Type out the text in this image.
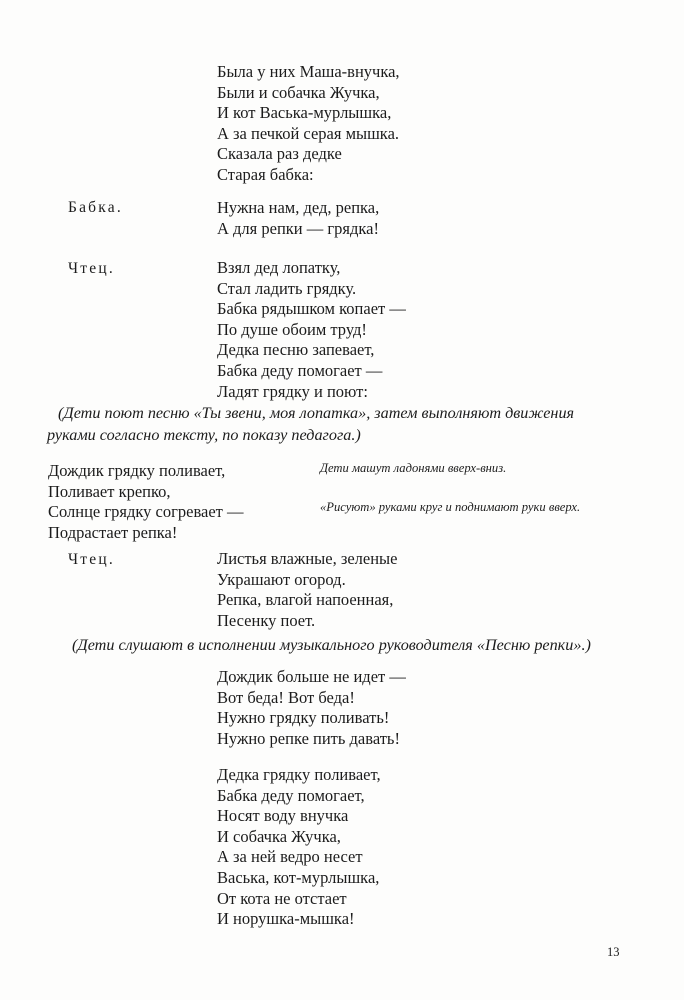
Была у них Маша-внучка,
Были и собачка Жучка,
И кот Васька-мурлышка,
А за печкой серая мышка.
Сказала раз дедке
Старая бабка:
Бабка.	Нужна нам, дед, репка,
А для репки — грядка!
Чтец.	Взял дед лопатку,
Стал ладить грядку.
Бабка рядышком копает —
По душе обоим труд!
Дедка песню запевает,
Бабка деду помогает —
Ладят грядку и поют:
(Дети поют песню «Ты звени, моя лопатка», затем выполняют движения
руками согласно тексту, по показу педагога.)
Дождик грядку поливает,
Поливает крепко,
Солнце грядку согревает —
Подрастает репка!
Дети машут ладонями вверх-вниз.
«Рисуют» руками круг и поднимают руки вверх.
Чтец.	Листья влажные, зеленые
Украшают огород.
Репка, влагой напоенная,
Песенку поет.
(Дети слушают в исполнении музыкального руководителя «Песню репки».)
Дождик больше не идет —
Вот беда! Вот беда!
Нужно грядку поливать!
Нужно репке пить давать!
Дедка грядку поливает,
Бабка деду помогает,
Носят воду внучка
И собачка Жучка,
А за ней ведро несет
Васька, кот-мурлышка,
От кота не отстает
И норушка-мышка!
13
